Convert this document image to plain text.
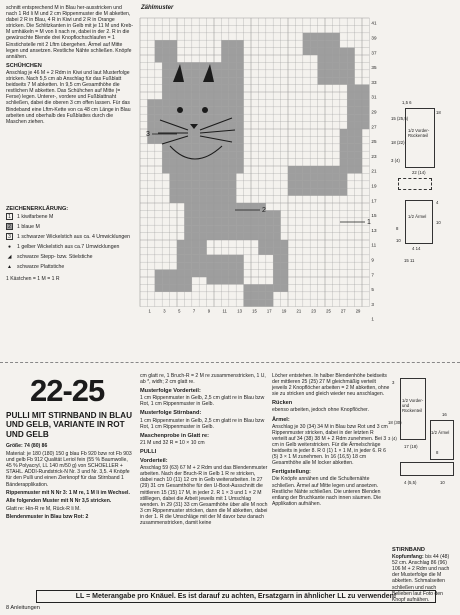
schnitt entsprechend M in Blau her-ausstricken und nach 1 Rd li M und 2 cm Rippenmuster die M abketten, dabei 2 R in Blau, 4 R in Kiwi und 2 R in Orange stricken. Die Schlitzkanten in Gelb mit je 11 M und Kreb-M umhäkeln = M von li nach re, dabei in der 2. R in die gewünschte Blende drei Knopflochschlaufen = 1 Einstichstelle mit 2 Lftm übergehen. Ärmel auf Mitte legen und ansetzen. Restliche Nähte schließen. Knöpfe annähen.

SCHÜHCHEN

Anschlag je 46 M + 2 Rdm in Kiwi und laut Musterfolge stricken. Nach 5,5 cm ab Anschlag für das Fußblatt beidseits 7 M abketten. In 9,5 cm Gesamthöhe die restlichen M abketten. Das Schühchen auf Mitte (= Ferse) legen. Unterer-, vordere und Fußblattnaht schließen, dabei die oberen 3 cm offen lassen. Für das Bindeband eine Lftm-Kette von ca 48 cm Länge in Blau arbeiten und oberhalb des Fußblattes durch die Maschen ziehen.

ZEICHENERKLÄRUNG:
1	1 kiwifarbene M
2	1 blaue M
3	1 schwarzer Wickelstich aus ca. 4 Umwicklungen
●	1 gelber Wickelstich aus ca.7 Umwicklungen
◢	schwarze Stepp- bzw. Stielstiche
▲ schwarze Plattstiche
1 Kästchen = 1 M = 1 R
Zählmuster
3
2
1
41
39
37
35
33
31
29
27
25
23
21
19
17
15
13
11
9
7
5
3
1
29
27
25
23
21
19
17
15
13
11
9
7
5
3
1
1,5 6
1/2 Vorder- Rückenteil
15 (25,5)
18 (22)
3 (4)
22 (14)
18
4
10
1/2 Ärmel
8
4 14
10
15 11
22-25
PULLI MIT STIRNBAND IN BLAU UND GELB, VARIANTE IN ROT UND GELB

Größe: 74 (80) 86

Material: je 180 (180) 150 g blau Fb 920 bzw rot Fb 903 und gelb Fb 912 Qualität Leriol fein (55 % Baumwolle, 45 % Polyacryl, LL 140 m/50 g) von SCHOELLER + STAHL. ADDI-Rundstrick-N Nr. 3 und Nr. 3,5. 4 Knöpfe für den Pulli und einen Zierknopf für das Stirnband 1 Bänderapplikation.

Rippenmuster mit N Nr 3: 1 M re, 1 M li im Wechsel.

Alle folgenden Muster mit N Nr 3,5 stricken.

Glatt re: Hin-R re M, Rück-R li M.

Blendenmuster in Blau bzw Rot: 2

cm glatt re, 1 Bruch-R = 2 M re zusammenstricken, 1 U, ab *, widh; 2 cm glatt re.

Musterfolge Vorderteil:

1 cm Rippenmuster in Gelb, 2,5 cm glatt re in Blau bzw Rot, 1 cm Rippenmuster in Gelb.

Musterfolge Stirnband:

1 cm Rippenmuster in Gelb, 2,5 cm glatt re in Blau bzw Rot, 1 cm Rippenmuster in Gelb.

Maschenprobe in Glatt re:

21 M und 32 R = 10 × 10 cm

PULLI
Vorderteil:

Anschlag 59 (63) 67 M + 2 Rdm und das Blendenmuster arbeiten. Nach der Bruch-R in Gelb 1 R re stricken, dabei nach 10 (11) 12 cm in Gelb weiterarbeiten. In 27 (29) 31 cm Gesamthöhe für den U-Boot-Ausschnitt die mittleren 15 (15) 17 M, in jeder 2. R 1 × 3 und 1 × 2 M stilllegen, dabei die Arbeit jeweils mit 1 Umschlag wenden. In 29 (31) 33 cm Gesamthöhe über alle M noch 3 cm Rippenmuster stricken, dann die M abketten, dabei in der 1. R die Umschläge mit der M davor bzw danach zusammenstricken, damit keine

Löcher entstehen. In halber Blendenhöhe beidseits der mittleren 25 (25) 27 M gleichmäßig verteilt jeweils 2 Knopflöcher arbeiten = 2 M abketten, ohne sie zu stricken und gleich wieder neu anschlagen.

Rücken

ebenso arbeiten, jedoch ohne Knopflöcher.

Ärmel:

Anschlag je 30 (34) 34 M in Blau bzw Rot und 3 cm Rippenmuster stricken, dabei in der letzten R verteilt auf 34 (38) 38 M + 2 Rdm zunehmen. Bei 3 cm in Gelb weiterstricken. Für die Ärmelschräge beidseits in jeder 8. R 0 (1) 1 × 1 M, in jeder 6. R 6 (5) 3 × 1 M zunehmen. In 16 (16,5) 18 cm Gesamthöhe alle M locker abketten.

Fertigstellung:

Die Knöpfe annähen und die Schulternähte schließen. Ärmel auf Mitte legen und ansetzen. Restliche Nähte schließen. Die unteren Blenden entlang der Bruchkante nach innen säumen. Die Applikation aufnähen.

1/2 Vorder- und Rückenteil
18 (30)
1/2 Ärmel
16
8
3
17 (18)
3 (4)
4 (5,5)	10
STIRNBAND
Kopfumfang: bis 44 (48) 52 cm. Anschlag 86 (96) 106 M + 2 Rdm und nach der Musterfolge die M abketten. Schmalseiten schließen und nach Belieben laut Foto den Knopf aufnähen.
LL = Meterangabe pro Knäuel. Es ist darauf zu achten, Ersatzgarn in ähnlicher LL zu verwenden!
8 Anleitungen
